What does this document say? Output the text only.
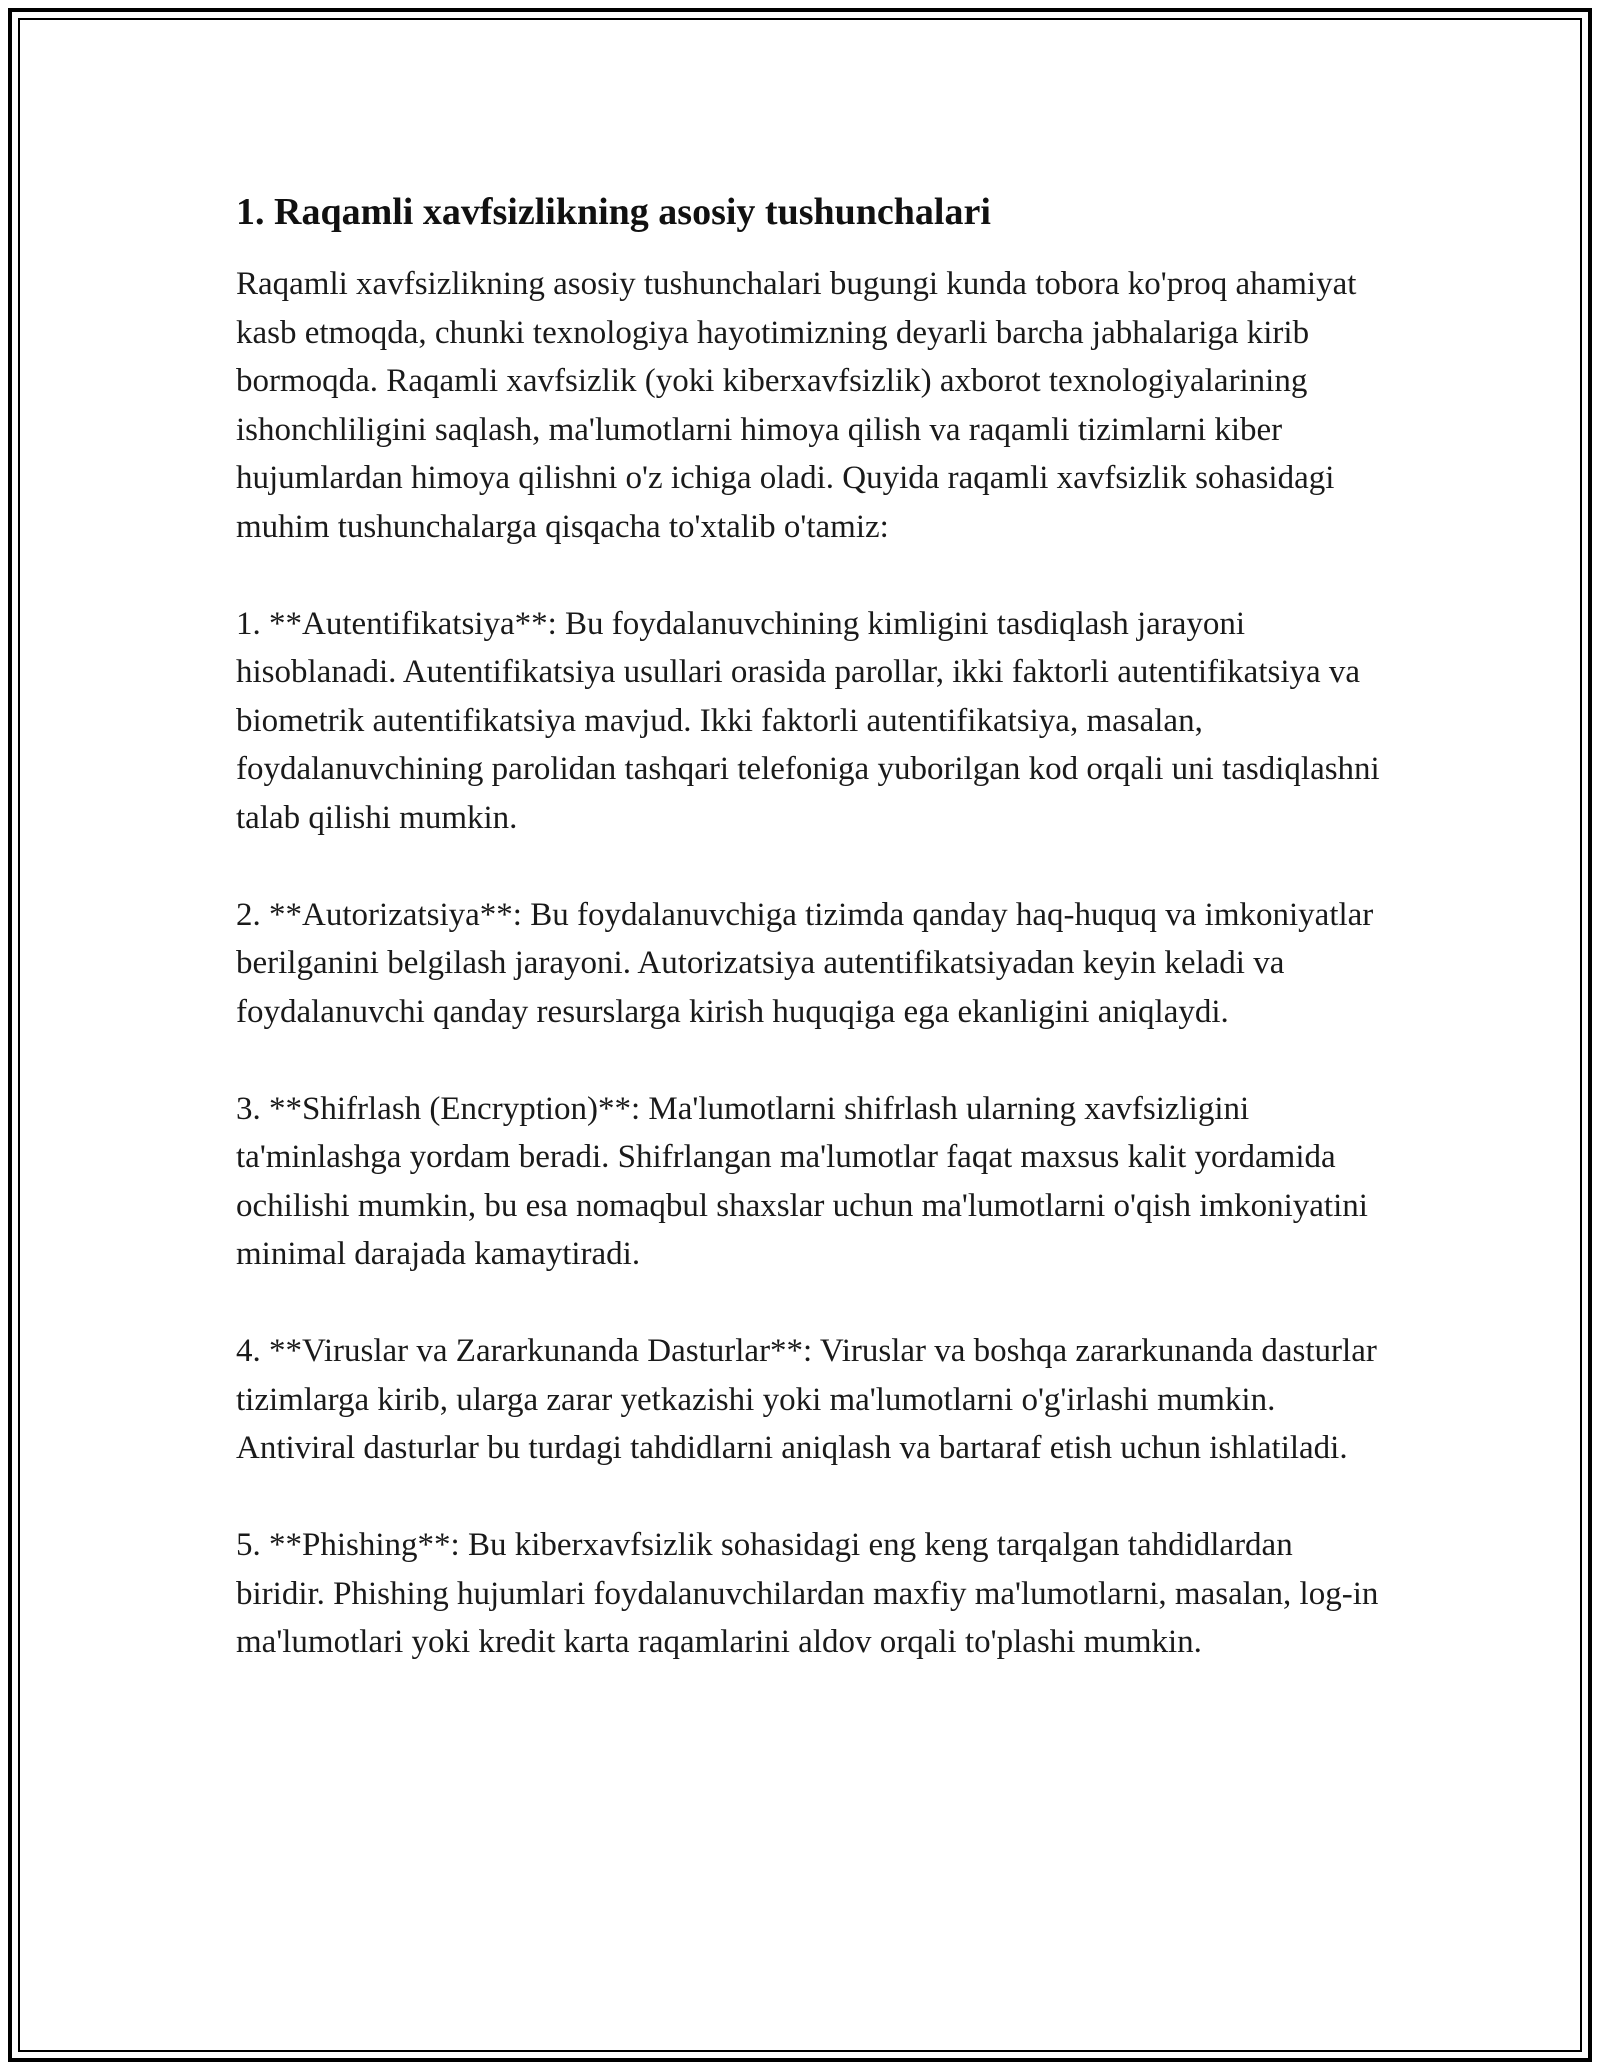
1. Raqamli xavfsizlikning asosiy tushunchalari

Raqamli xavfsizlikning asosiy tushunchalari bugungi kunda tobora ko'proq ahamiyat kasb etmoqda, chunki texnologiya hayotimizning deyarli barcha jabhalariga kirib bormoqda. Raqamli xavfsizlik (yoki kiberxavfsizlik) axborot texnologiyalarining ishonchliligini saqlash, ma'lumotlarni himoya qilish va raqamli tizimlarni kiber hujumlardan himoya qilishni o'z ichiga oladi. Quyida raqamli xavfsizlik sohasidagi muhim tushunchalarga qisqacha to'xtalib o'tamiz:

1. **Autentifikatsiya**: Bu foydalanuvchining kimligini tasdiqlash jarayoni hisoblanadi. Autentifikatsiya usullari orasida parollar, ikki faktorli autentifikatsiya va biometrik autentifikatsiya mavjud. Ikki faktorli autentifikatsiya, masalan, foydalanuvchining parolidan tashqari telefoniga yuborilgan kod orqali uni tasdiqlashni talab qilishi mumkin.

2. **Autorizatsiya**: Bu foydalanuvchiga tizimda qanday haq-huquq va imkoniyatlar berilganini belgilash jarayoni. Autorizatsiya autentifikatsiyadan keyin keladi va foydalanuvchi qanday resurslarga kirish huquqiga ega ekanligini aniqlaydi.

3. **Shifrlash (Encryption)**: Ma'lumotlarni shifrlash ularning xavfsizligini ta'minlashga yordam beradi. Shifrlangan ma'lumotlar faqat maxsus kalit yordamida ochilishi mumkin, bu esa nomaqbul shaxslar uchun ma'lumotlarni o'qish imkoniyatini minimal darajada kamaytiradi.

4. **Viruslar va Zararkunanda Dasturlar**: Viruslar va boshqa zararkunanda dasturlar tizimlarga kirib, ularga zarar yetkazishi yoki ma'lumotlarni o'g'irlashi mumkin. Antiviral dasturlar bu turdagi tahdidlarni aniqlash va bartaraf etish uchun ishlatiladi.

5. **Phishing**: Bu kiberxavfsizlik sohasidagi eng keng tarqalgan tahdidlardan biridir. Phishing hujumlari foydalanuvchilardan maxfiy ma'lumotlarni, masalan, log-in ma'lumotlari yoki kredit karta raqamlarini aldov orqali to'plashi mumkin.
